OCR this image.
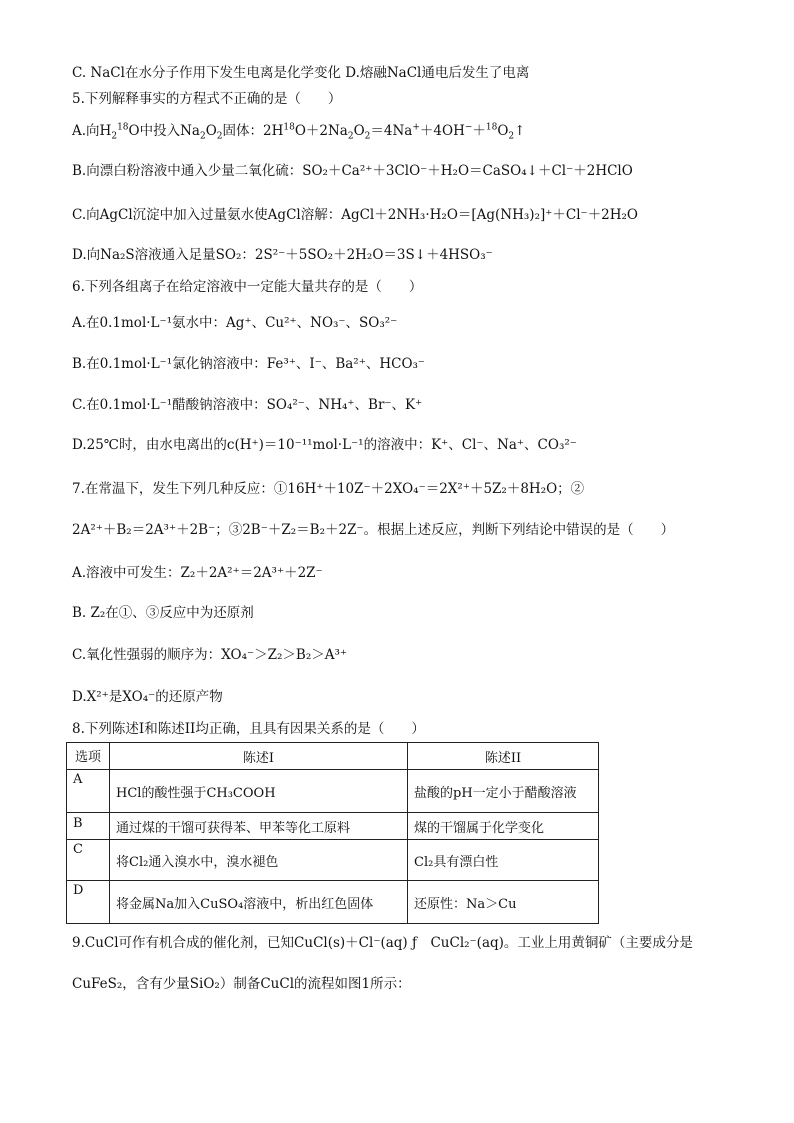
C. NaCl在水分子作用下发生电离是化学变化 D.熔融NaCl通电后发生了电离
5.下列解释事实的方程式不正确的是（　　）
A.向$H_2^{18}O$中投入$Na_2O_2$固体：$2H^{18}O+2Na_2O_2=4Na^++4OH^-+^{18}O_2↑$
B.向漂白粉溶液中通入少量二氧化硫：SO₂＋Ca²⁺＋3ClO⁻＋H₂O＝CaSO₄↓＋Cl⁻＋2HClO
C.向AgCl沉淀中加入过量氨水使AgCl溶解：AgCl＋2NH₃·H₂O＝[Ag(NH₃)₂]⁺＋Cl⁻＋2H₂O
D.向Na₂S溶液通入足量SO₂：2S²⁻＋5SO₂＋2H₂O＝3S↓＋4HSO₃⁻
6.下列各组离子在给定溶液中一定能大量共存的是（　　）
A.在0.1mol·L⁻¹氨水中：Ag⁺、Cu²⁺、NO₃⁻、SO₃²⁻
B.在0.1mol·L⁻¹氯化钠溶液中：Fe³⁺、I⁻、Ba²⁺、HCO₃⁻
C.在0.1mol·L⁻¹醋酸钠溶液中：SO₄²⁻、NH₄⁺、Br⁻、K⁺
D.25℃时，由水电离出的c(H⁺)＝10⁻¹¹mol·L⁻¹的溶液中：K⁺、Cl⁻、Na⁺、CO₃²⁻
7.在常温下，发生下列几种反应：①16H⁺＋10Z⁻＋2XO₄⁻＝2X²⁺＋5Z₂＋8H₂O；②
2A²⁺＋B₂＝2A³⁺＋2B⁻；③2B⁻＋Z₂＝B₂＋2Z⁻。根据上述反应，判断下列结论中错误的是（　　）
A.溶液中可发生：Z₂＋2A²⁺＝2A³⁺＋2Z⁻
B. Z₂在①、③反应中为还原剂
C.氧化性强弱的顺序为：XO₄⁻＞Z₂＞B₂＞A³⁺
D.X²⁺是XO₄⁻的还原产物
8.下列陈述I和陈述II均正确，且具有因果关系的是（　　）
选项	陈述I	陈述II
A	HCl的酸性强于CH₃COOH	盐酸的pH一定小于醋酸溶液
B	通过煤的干馏可获得苯、甲苯等化工原料	煤的干馏属于化学变化
C	将Cl₂通入溴水中，溴水褪色	Cl₂具有漂白性
D	将金属Na加入CuSO₄溶液中，析出红色固体	还原性：Na＞Cu
9.CuCl可作有机合成的催化剂，已知CuCl(s)＋Cl⁻(aq) ƒ　CuCl₂⁻(aq)。工业上用黄铜矿（主要成分是
CuFeS₂，含有少量SiO₂）制备CuCl的流程如图1所示：
